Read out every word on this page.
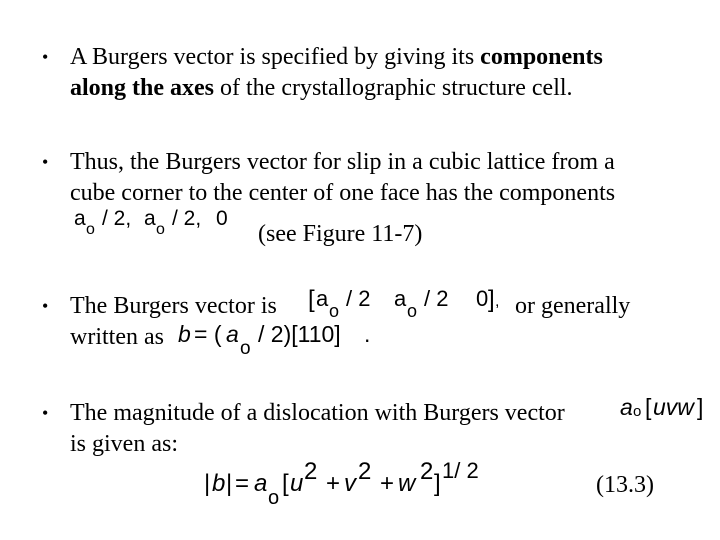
• A Burgers vector is specified by giving its components
along the axes of the crystallographic structure cell.
• Thus, the Burgers vector for slip in a cubic lattice from a
cube corner to the center of one face has the components
a o / 2, a o / 2, 0
(see Figure 11-7)
• The Burgers vector is [ a o / 2 a o / 2 0 ] , or generally
written as b = ( a
o
/ 2)[110] .
• The magnitude of a dislocation with Burgers vector a o [ uvw ]
is given as:
| b | = a
o
[ u 2 + v 2 + w 2 ] 1/ 2
(13.3)
